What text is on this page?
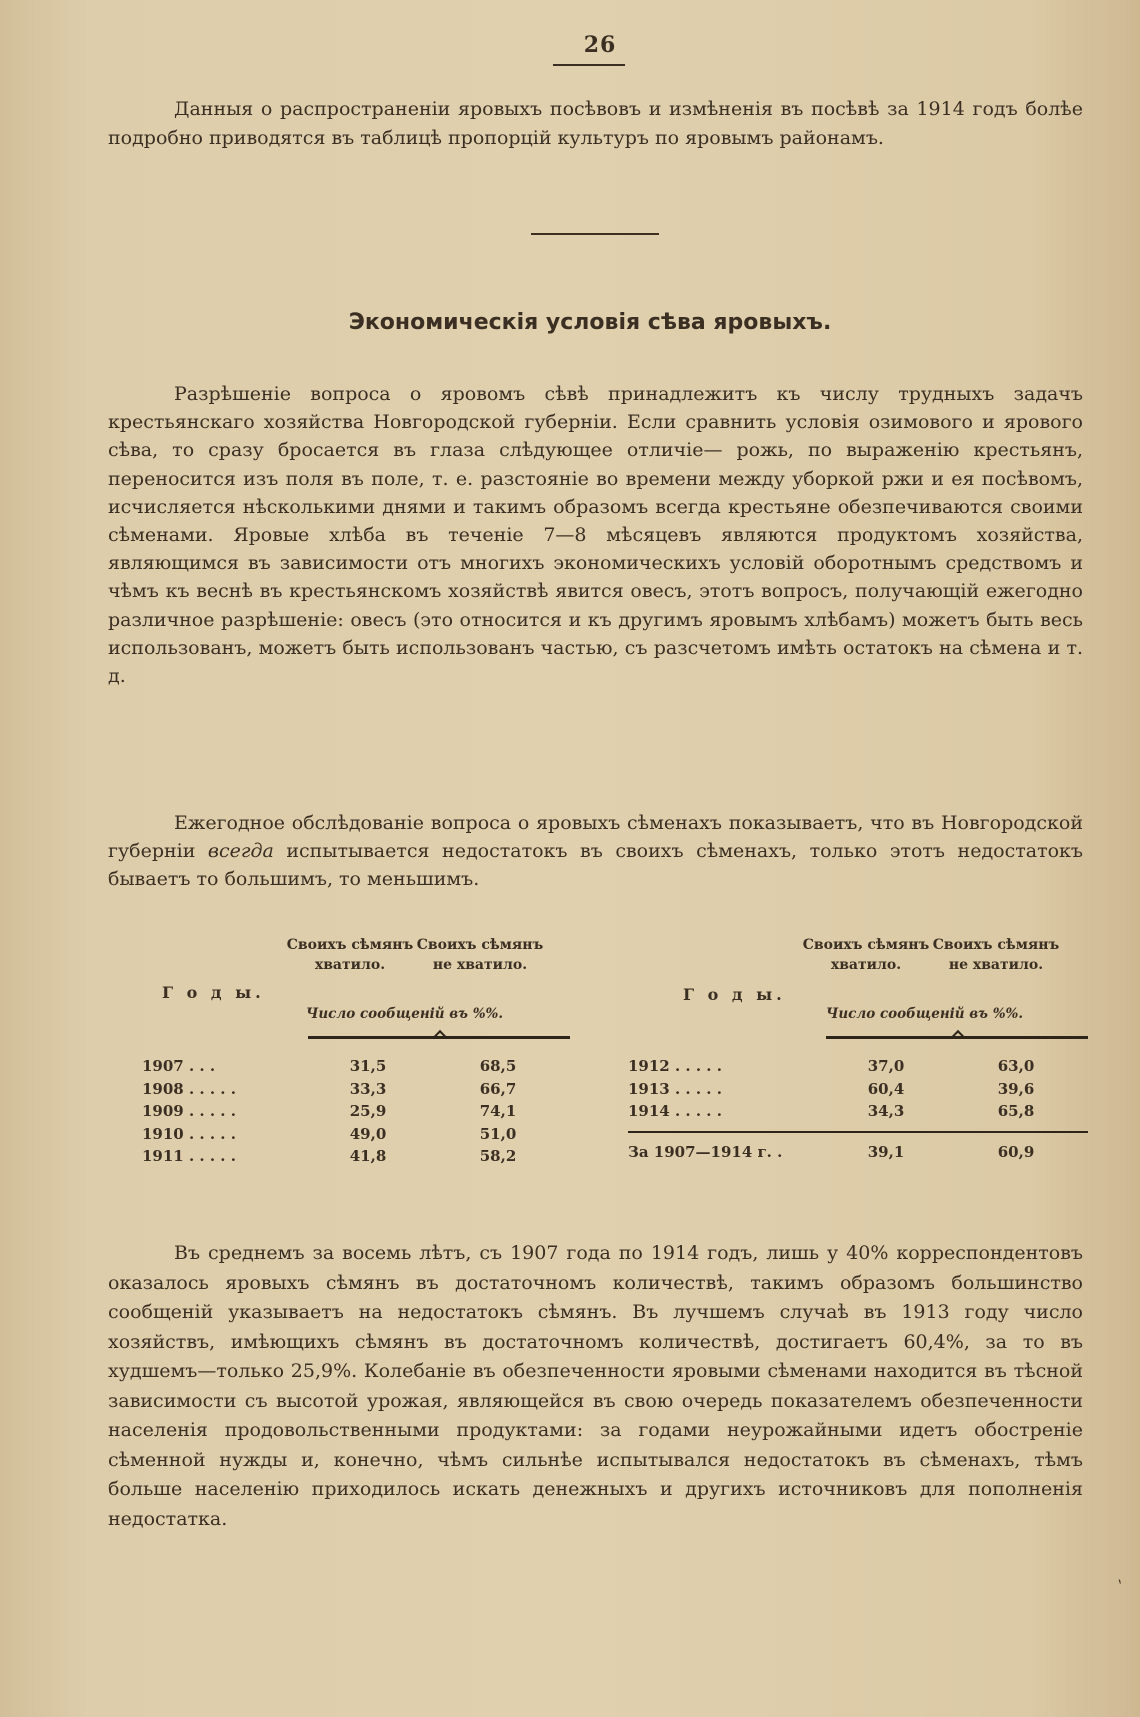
26
Данныя о распространеніи яровыхъ посѣвовъ и измѣненія въ посѣвѣ за 1914 годъ болѣе подробно приводятся въ таблицѣ пропорцій культуръ по яровымъ районамъ.
Экономическія условія сѣва яровыхъ.
Разрѣшеніе вопроса о яровомъ сѣвѣ принадлежитъ къ числу трудныхъ задачъ крестьянскаго хозяйства Новгородской губерніи. Если сравнить условія озимового и ярового сѣва, то сразу бросается въ глаза слѣдующее отличіе— рожь, по выраженію крестьянъ, переносится изъ поля въ поле, т. е. разстояніе во времени между уборкой ржи и ея посѣвомъ, исчисляется нѣсколькими днями и такимъ образомъ всегда крестьяне обезпечиваются своими сѣменами. Яровые хлѣба въ теченіе 7—8 мѣсяцевъ являются продуктомъ хозяйства, являющимся въ зависимости отъ многихъ экономическихъ условій оборотнымъ средствомъ и чѣмъ къ веснѣ въ крестьянскомъ хозяйствѣ явится овесъ, этотъ вопросъ, получающій ежегодно различное разрѣшеніе: овесъ (это относится и къ другимъ яровымъ хлѣбамъ) можетъ быть весь использованъ, можетъ быть использованъ частью, съ разсчетомъ имѣть остатокъ на сѣмена и т. д.
Ежегодное обслѣдованіе вопроса о яровыхъ сѣменахъ показываетъ, что въ Новгородской губерніи всегда испытывается недостатокъ въ своихъ сѣменахъ, только этотъ недостатокъ бываетъ то большимъ, то меньшимъ.
Г о д ы.
Своихъ сѣмянъ хватило.
Своихъ сѣмянъ не хватило.
Число сообщеній въ %%.
1907 . . .	31,5	68,5
1908 . . . . .	33,3	66,7
1909 . . . . .	25,9	74,1
1910 . . . . .	49,0	51,0
1911 . . . . .	41,8	58,2
Г о д ы.
Своихъ сѣмянъ хватило.
Своихъ сѣмянъ не хватило.
Число сообщеній въ %%.
1912 . . . . .	37,0	63,0
1913 . . . . .	60,4	39,6
1914 . . . . .	34,3	65,8
За 1907—1914 г. .	39,1	60,9
Въ среднемъ за восемь лѣтъ, съ 1907 года по 1914 годъ, лишь у 40% корреспондентовъ оказалось яровыхъ сѣмянъ въ достаточномъ количествѣ, такимъ образомъ большинство сообщеній указываетъ на недостатокъ сѣмянъ. Въ лучшемъ случаѣ въ 1913 году число хозяйствъ, имѣющихъ сѣмянъ въ достаточномъ количествѣ, достигаетъ 60,4%, за то въ худшемъ—только 25,9%. Колебаніе въ обезпеченности яровыми сѣменами находится въ тѣсной зависимости съ высотой урожая, являющейся въ свою очередь показателемъ обезпеченности населенія продовольственными продуктами: за годами неурожайными идетъ обостреніе сѣменной нужды и, конечно, чѣмъ сильнѣе испытывался недостатокъ въ сѣменахъ, тѣмъ больше населенію приходилось искать денежныхъ и другихъ источниковъ для пополненія недостатка.
`
